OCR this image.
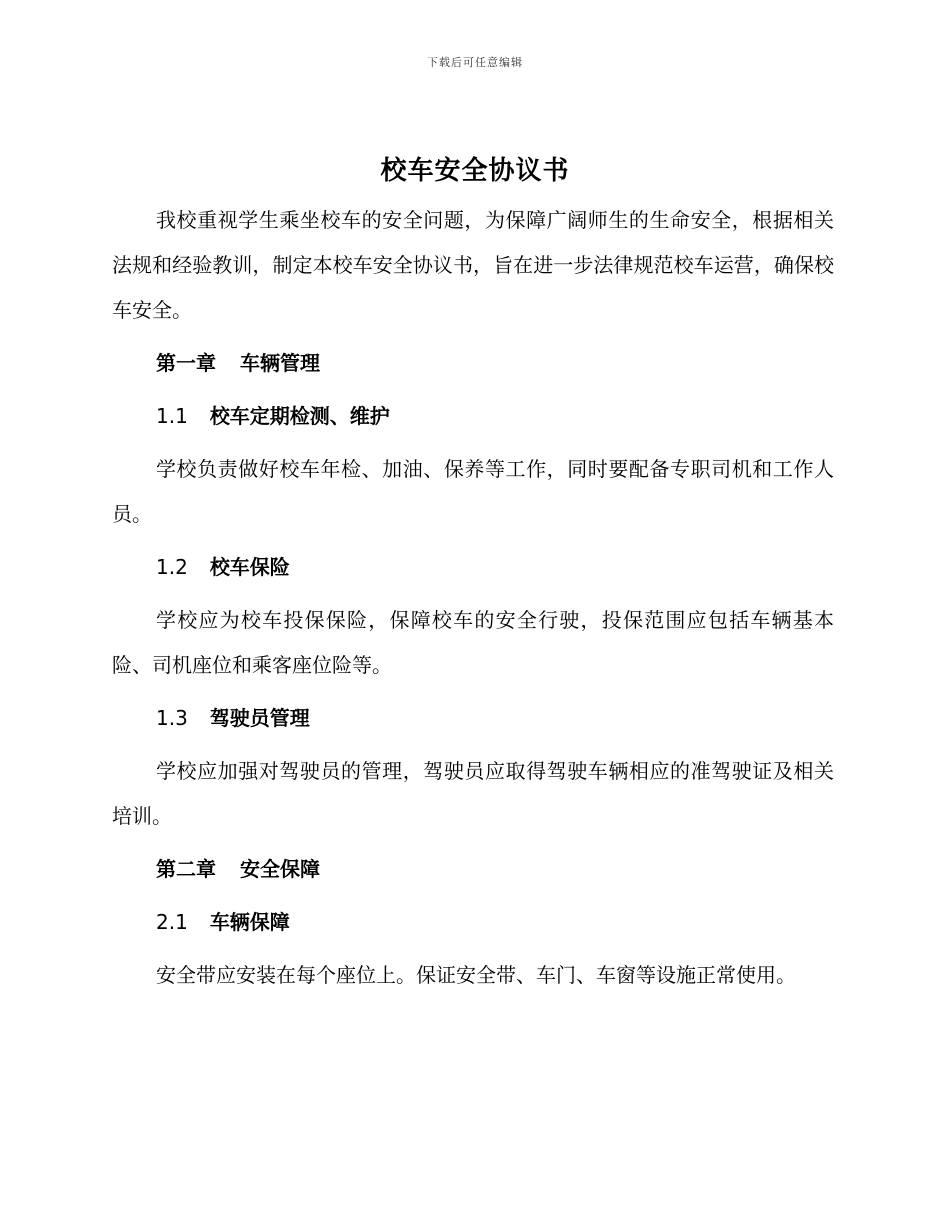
下载后可任意编辑
校车安全协议书

我校重视学生乘坐校车的安全问题，为保障广阔师生的生命安全，根据相关法规和经验教训，制定本校车安全协议书，旨在进一步法律规范校车运营，确保校车安全。

第一章 车辆管理
1.1 校车定期检测、维护

学校负责做好校车年检、加油、保养等工作，同时要配备专职司机和工作人员。

1.2 校车保险

学校应为校车投保保险，保障校车的安全行驶，投保范围应包括车辆基本险、司机座位和乘客座位险等。

1.3 驾驶员管理

学校应加强对驾驶员的管理，驾驶员应取得驾驶车辆相应的准驾驶证及相关培训。

第二章 安全保障
2.1 车辆保障

安全带应安装在每个座位上。保证安全带、车门、车窗等设施正常使用。
